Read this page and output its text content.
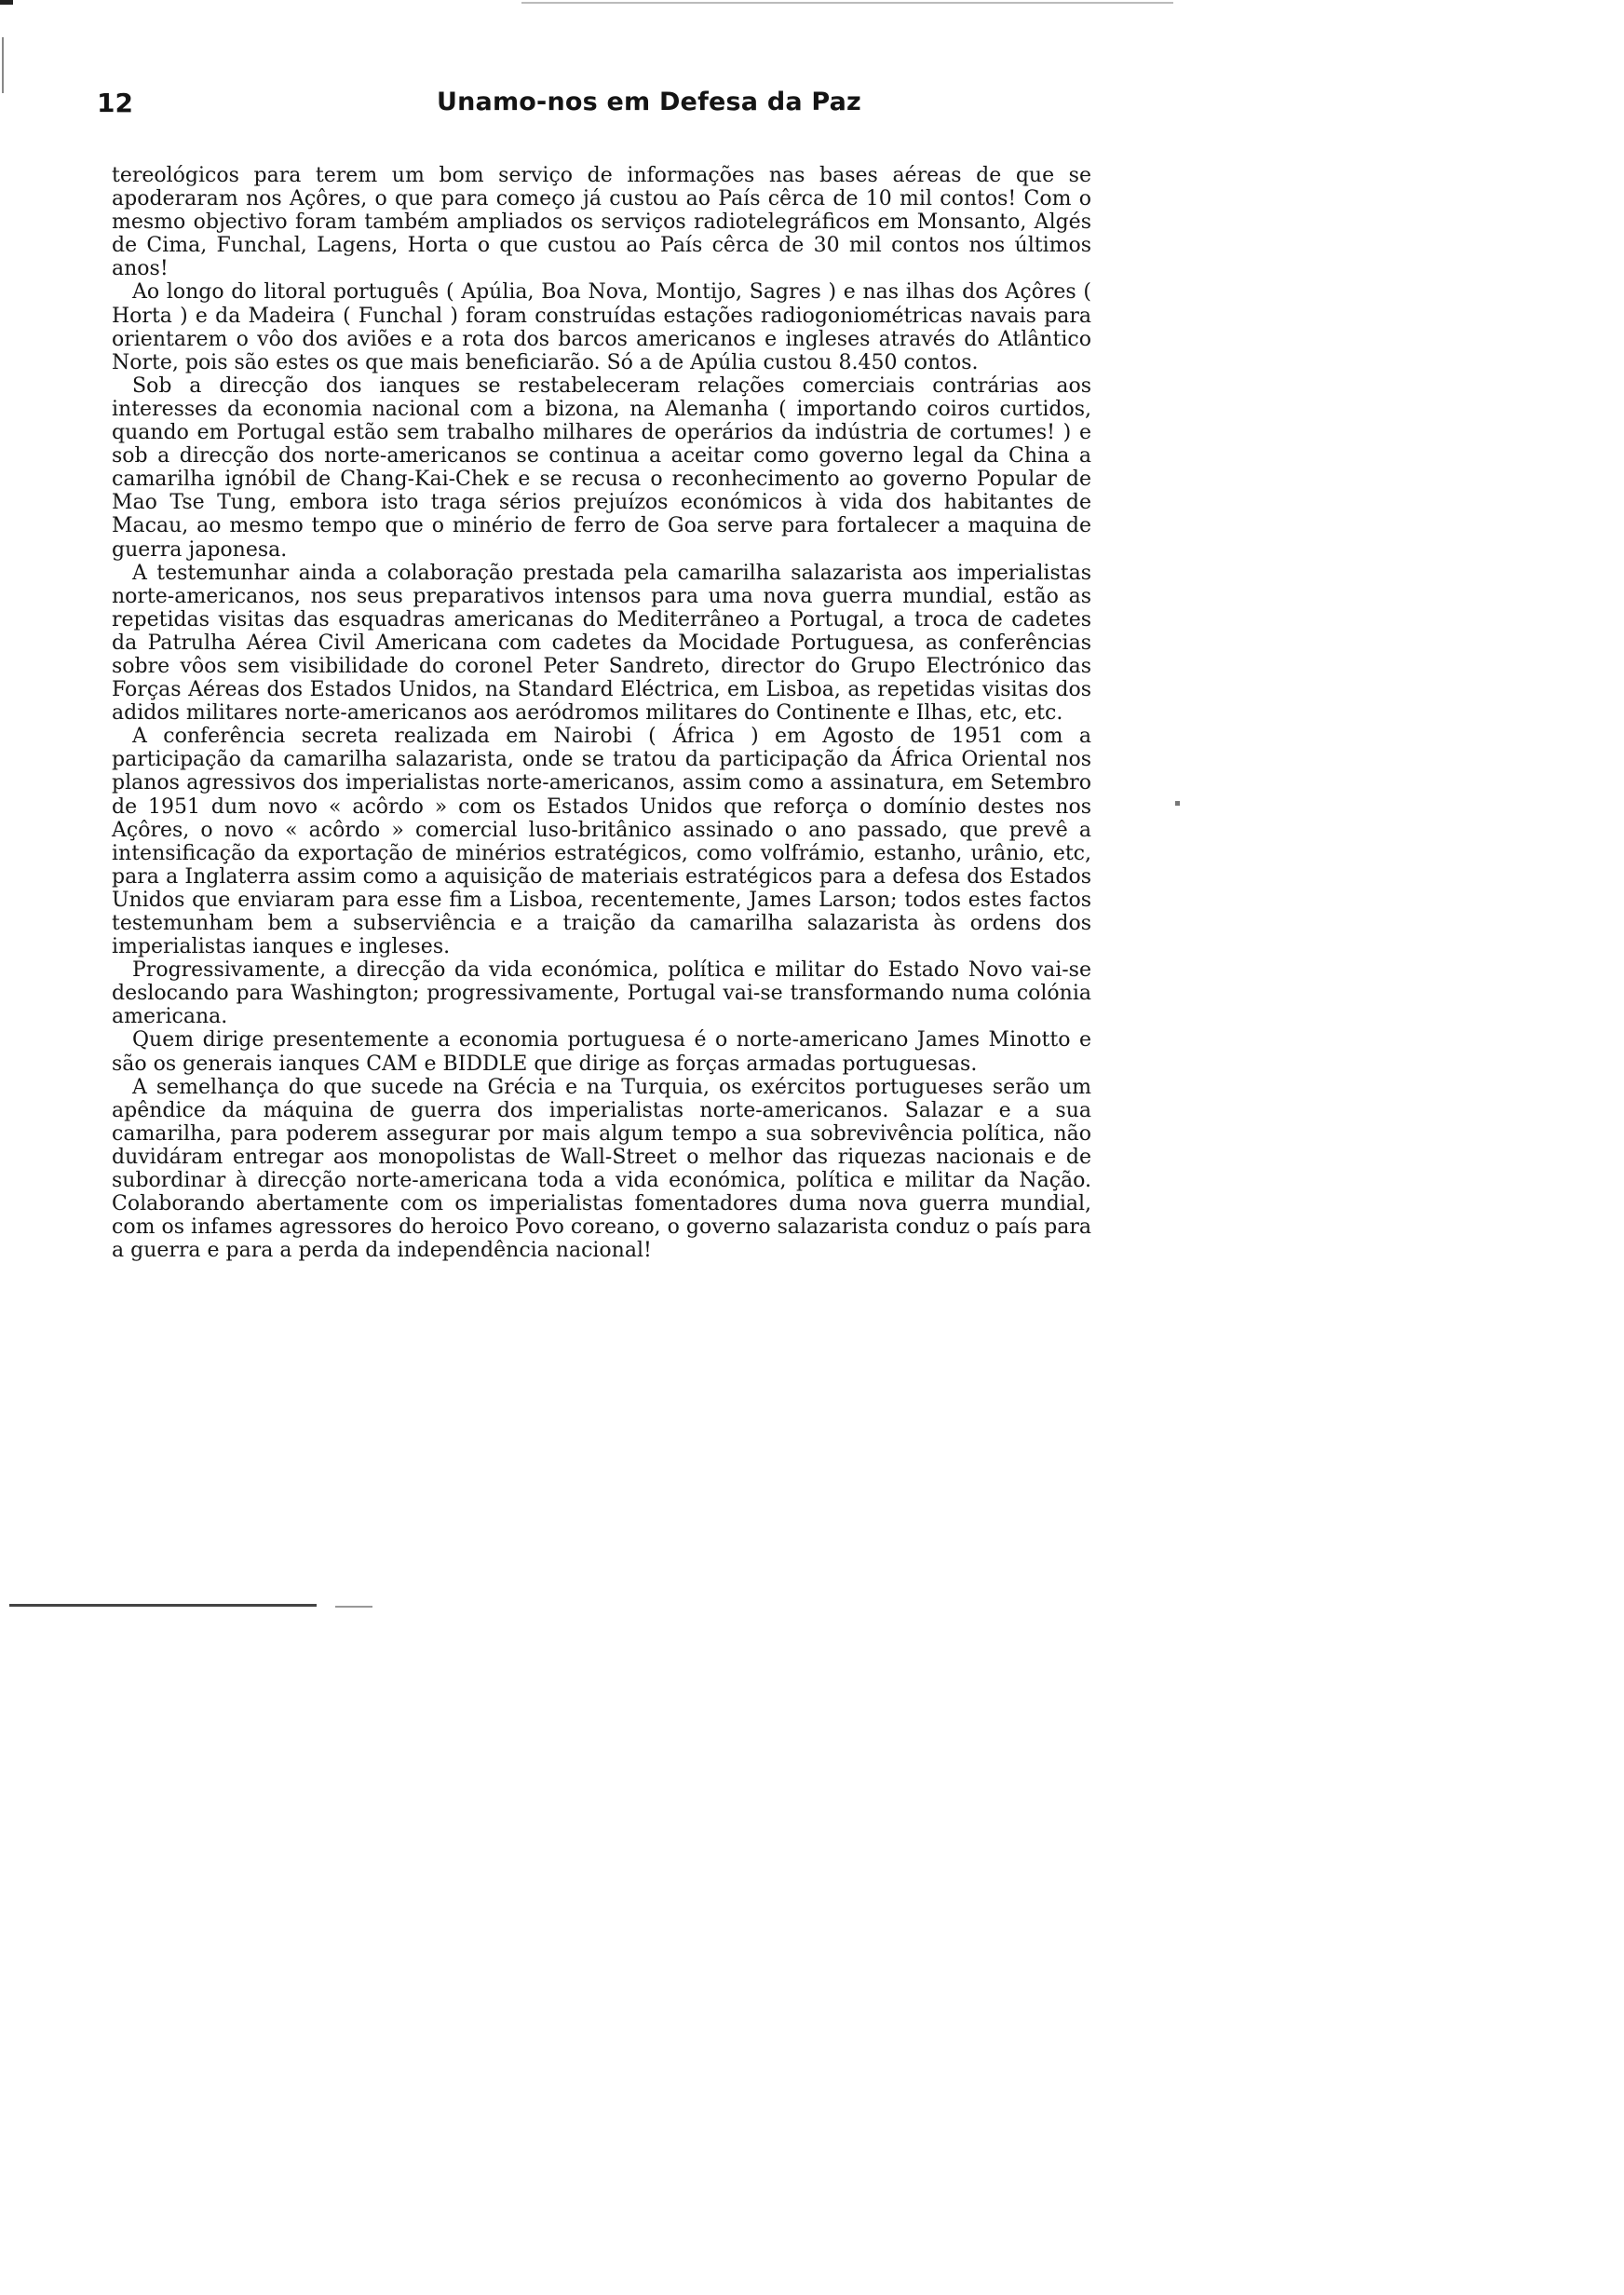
12	Unamo-nos em Defesa da Paz

tereológicos para terem um bom serviço de informações nas bases aéreas de que se apoderaram nos Açôres, o que para começo já custou ao País cêrca de 10 mil contos! Com o mesmo objectivo foram também ampliados os serviços radiotelegráficos em Monsanto, Algés de Cima, Funchal, Lagens, Horta o que custou ao País cêrca de 30 mil contos nos últimos anos!

Ao longo do litoral português ( Apúlia, Boa Nova, Montijo, Sagres ) e nas ilhas dos Açôres ( Horta ) e da Madeira ( Funchal ) foram construídas estações radiogoniométricas navais para orientarem o vôo dos aviões e a rota dos barcos americanos e ingleses através do Atlântico Norte, pois são estes os que mais beneficiarão. Só a de Apúlia custou 8.450 contos.

Sob a direcção dos ianques se restabeleceram relações comerciais contrárias aos interesses da economia nacional com a bizona, na Alemanha ( importando coiros curtidos, quando em Portugal estão sem trabalho milhares de operários da indústria de cortumes! ) e sob a direcção dos norte-americanos se continua a aceitar como governo legal da China a camarilha ignóbil de Chang-Kai-Chek e se recusa o reconhecimento ao governo Popular de Mao Tse Tung, embora isto traga sérios prejuízos económicos à vida dos habitantes de Macau, ao mesmo tempo que o minério de ferro de Goa serve para fortalecer a maquina de guerra japonesa.

A testemunhar ainda a colaboração prestada pela camarilha salazarista aos imperialistas norte-americanos, nos seus preparativos intensos para uma nova guerra mundial, estão as repetidas visitas das esquadras americanas do Mediterrâneo a Portugal, a troca de cadetes da Patrulha Aérea Civil Americana com cadetes da Mocidade Portuguesa, as conferências sobre vôos sem visibilidade do coronel Peter Sandreto, director do Grupo Electrónico das Forças Aéreas dos Estados Unidos, na Standard Eléctrica, em Lisboa, as repetidas visitas dos adidos militares norte-americanos aos aeródromos militares do Continente e Ilhas, etc, etc.

A conferência secreta realizada em Nairobi ( África ) em Agosto de 1951 com a participação da camarilha salazarista, onde se tratou da participação da África Oriental nos planos agressivos dos imperialistas norte-americanos, assim como a assinatura, em Setembro de 1951 dum novo « acôrdo » com os Estados Unidos que reforça o domínio destes nos Açôres, o novo « acôrdo » comercial luso-britânico assinado o ano passado, que prevê a intensificação da exportação de minérios estratégicos, como volfrámio, estanho, urânio, etc, para a Inglaterra assim como a aquisição de materiais estratégicos para a defesa dos Estados Unidos que enviaram para esse fim a Lisboa, recentemente, James Larson; todos estes factos testemunham bem a subserviência e a traição da camarilha salazarista às ordens dos imperialistas ianques e ingleses.

Progressivamente, a direcção da vida económica, política e militar do Estado Novo vai-se deslocando para Washington; progressivamente, Portugal vai-se transformando numa colónia americana.

Quem dirige presentemente a economia portuguesa é o norte-americano James Minotto e são os generais ianques CAM e BIDDLE que dirige as forças armadas portuguesas.

A semelhança do que sucede na Grécia e na Turquia, os exércitos portugueses serão um apêndice da máquina de guerra dos imperialistas norte-americanos. Salazar e a sua camarilha, para poderem assegurar por mais algum tempo a sua sobrevivência política, não duvidáram entregar aos monopolistas de Wall-Street o melhor das riquezas nacionais e de subordinar à direcção norte-americana toda a vida económica, política e militar da Nação. Colaborando abertamente com os imperialistas fomentadores duma nova guerra mundial, com os infames agressores do heroico Povo coreano, o governo salazarista conduz o país para a guerra e para a perda da independência nacional!
